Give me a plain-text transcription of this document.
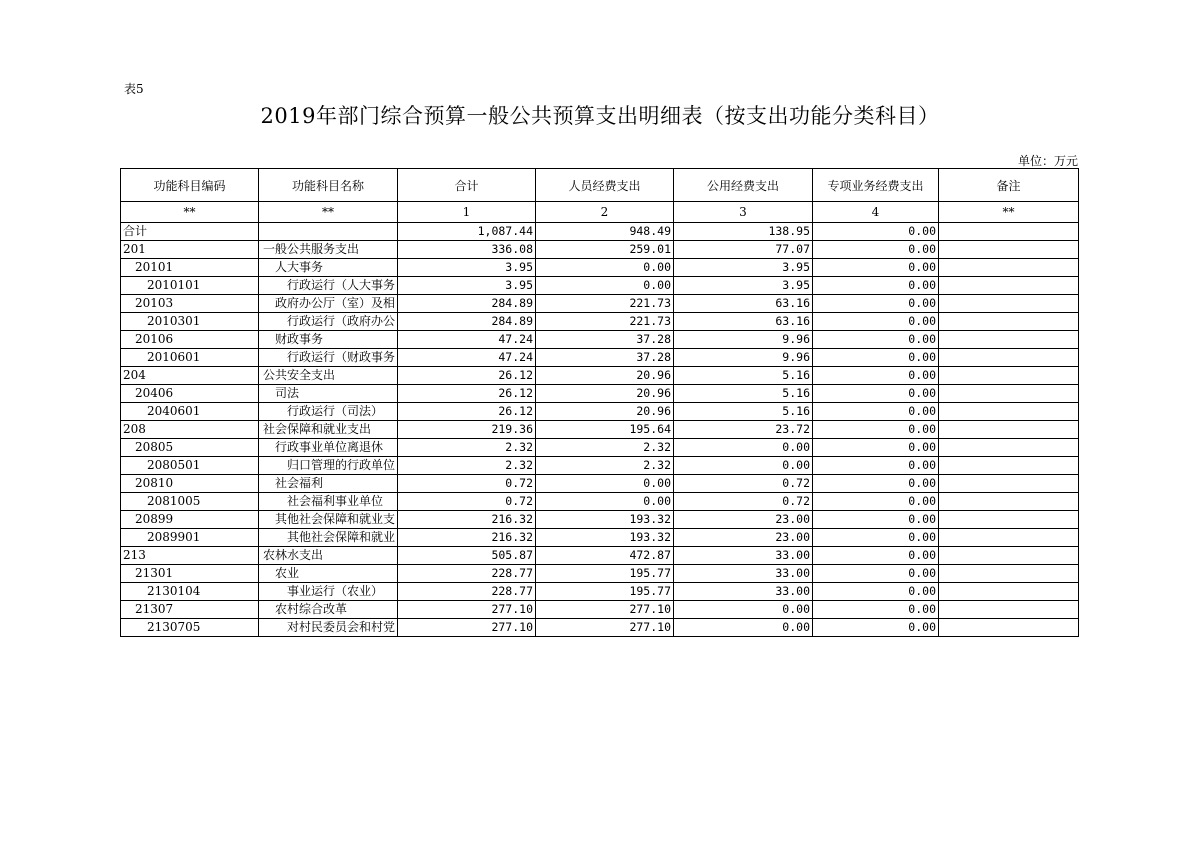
表5
2019年部门综合预算一般公共预算支出明细表（按支出功能分类科目）
单位：万元
功能科目编码	功能科目名称	合计	人员经费支出	公用经费支出	专项业务经费支出	备注
**	**	1	2	3	4	**
合计		1,087.44	948.49	138.95	0.00	
201	一般公共服务支出	336.08	259.01	77.07	0.00	
20101	人大事务	3.95	0.00	3.95	0.00	
2010101	行政运行（人大事务	3.95	0.00	3.95	0.00	
20103	政府办公厅（室）及相	284.89	221.73	63.16	0.00	
2010301	行政运行（政府办公	284.89	221.73	63.16	0.00	
20106	财政事务	47.24	37.28	9.96	0.00	
2010601	行政运行（财政事务	47.24	37.28	9.96	0.00	
204	公共安全支出	26.12	20.96	5.16	0.00	
20406	司法	26.12	20.96	5.16	0.00	
2040601	行政运行（司法）	26.12	20.96	5.16	0.00	
208	社会保障和就业支出	219.36	195.64	23.72	0.00	
20805	行政事业单位离退休	2.32	2.32	0.00	0.00	
2080501	归口管理的行政单位	2.32	2.32	0.00	0.00	
20810	社会福利	0.72	0.00	0.72	0.00	
2081005	社会福利事业单位	0.72	0.00	0.72	0.00	
20899	其他社会保障和就业支	216.32	193.32	23.00	0.00	
2089901	其他社会保障和就业	216.32	193.32	23.00	0.00	
213	农林水支出	505.87	472.87	33.00	0.00	
21301	农业	228.77	195.77	33.00	0.00	
2130104	事业运行（农业）	228.77	195.77	33.00	0.00	
21307	农村综合改革	277.10	277.10	0.00	0.00	
2130705	对村民委员会和村党	277.10	277.10	0.00	0.00	
